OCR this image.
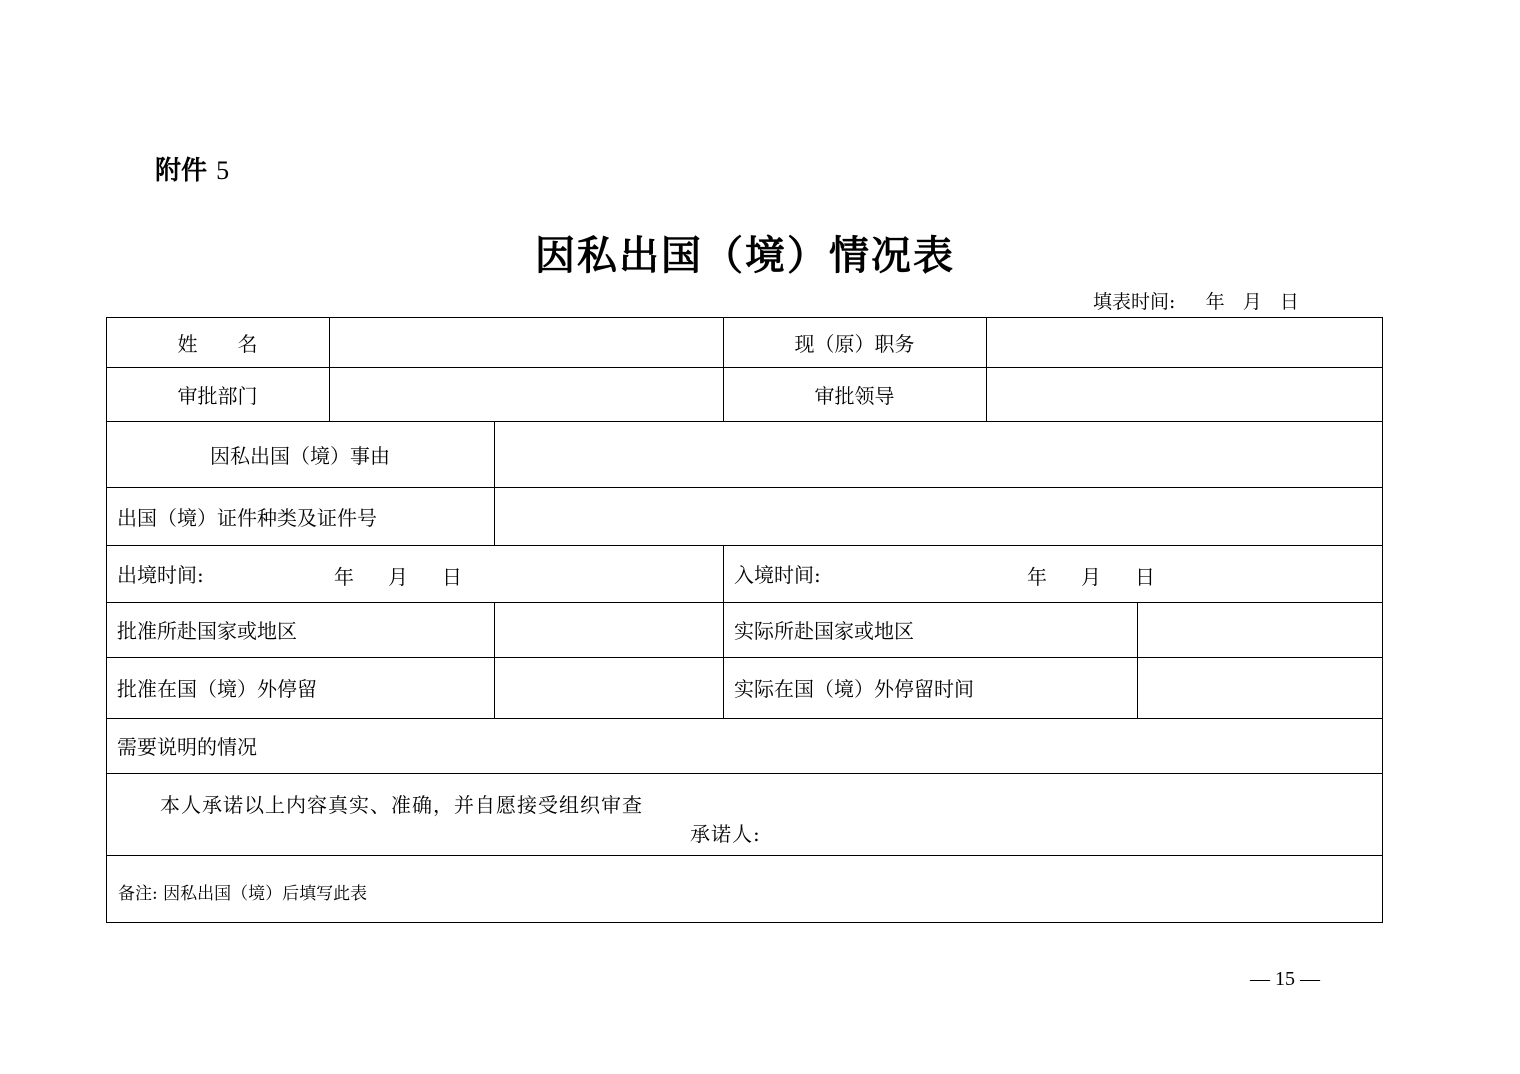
附件 5
因私出国（境）情况表
填表时间:     年   月   日
姓　　名	现（原）职务
审批部门	审批领导
因私出国（境）事由
出国（境）证件种类及证件号
出境时间:	年 月 日	入境时间:	年 月 日
批准所赴国家或地区	实际所赴国家或地区
批准在国（境）外停留	实际在国（境）外停留时间
需要说明的情况
本人承诺以上内容真实、准确，并自愿接受组织审查
承诺人:
备注: 因私出国（境）后填写此表
— 15 —
